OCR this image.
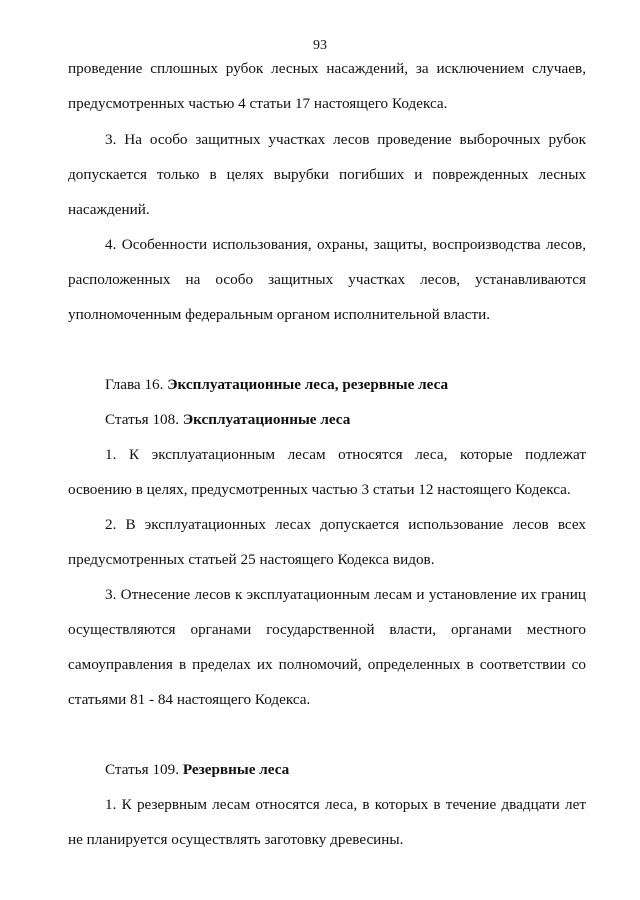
93
проведение сплошных рубок лесных насаждений, за исключением случаев,
предусмотренных частью 4 статьи 17 настоящего Кодекса.
3. На особо защитных участках лесов проведение выборочных рубок
допускается только в целях вырубки погибших и поврежденных лесных
насаждений.
4. Особенности использования, охраны, защиты, воспроизводства лесов,
расположенных на особо защитных участках лесов, устанавливаются
уполномоченным федеральным органом исполнительной власти.
Глава 16. Эксплуатационные леса, резервные леса
Статья 108. Эксплуатационные леса
1. К эксплуатационным лесам относятся леса, которые подлежат
освоению в целях, предусмотренных частью 3 статьи 12 настоящего Кодекса.
2. В эксплуатационных лесах допускается использование лесов всех
предусмотренных статьей 25 настоящего Кодекса видов.
3. Отнесение лесов к эксплуатационным лесам и установление их границ
осуществляются органами государственной власти, органами местного
самоуправления в пределах их полномочий, определенных в соответствии со
статьями 81 - 84 настоящего Кодекса.
Статья 109. Резервные леса
1. К резервным лесам относятся леса, в которых в течение двадцати лет
не планируется осуществлять заготовку древесины.
